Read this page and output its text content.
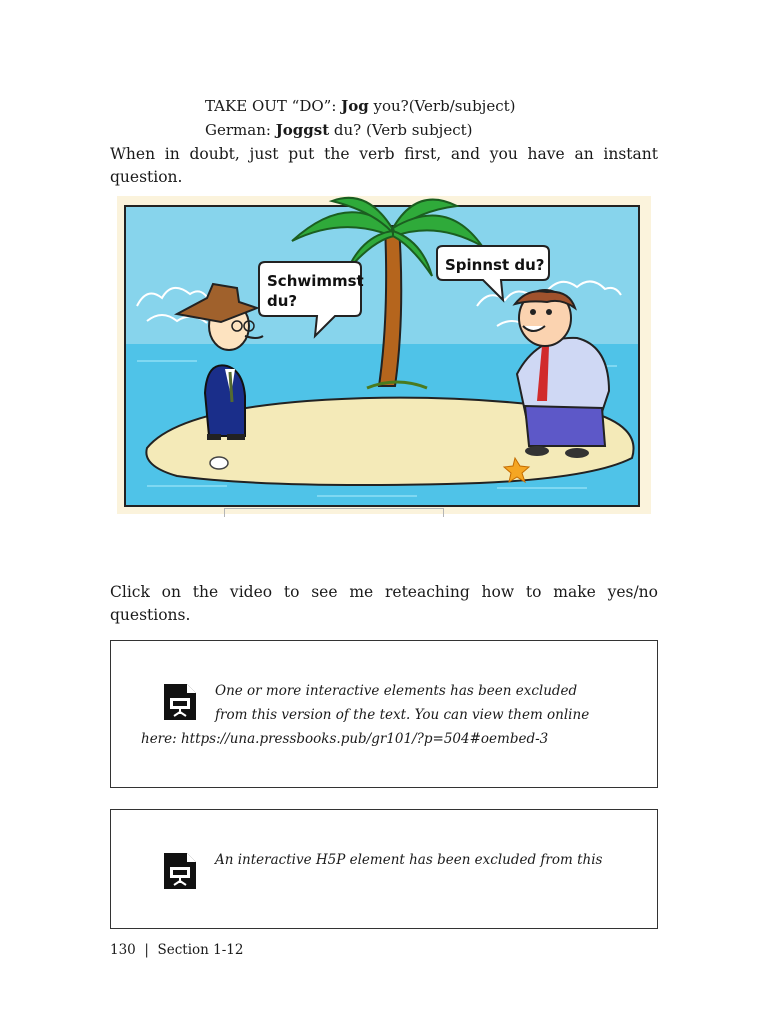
TAKE OUT “DO”: Jog you?(Verb/subject)
German: Joggst du? (Verb subject)
When in doubt, just put the verb first, and you have an instant
question.
Schwimmst
du?
Spinnst du?
Click on the video to see me reteaching how to make yes/no
questions.
One or more interactive elements has been excluded
from this version of the text. You can view them online
here: https://una.pressbooks.pub/gr101/?p=504#oembed-3
An interactive H5P element has been excluded from this
130  |  Section 1-12
